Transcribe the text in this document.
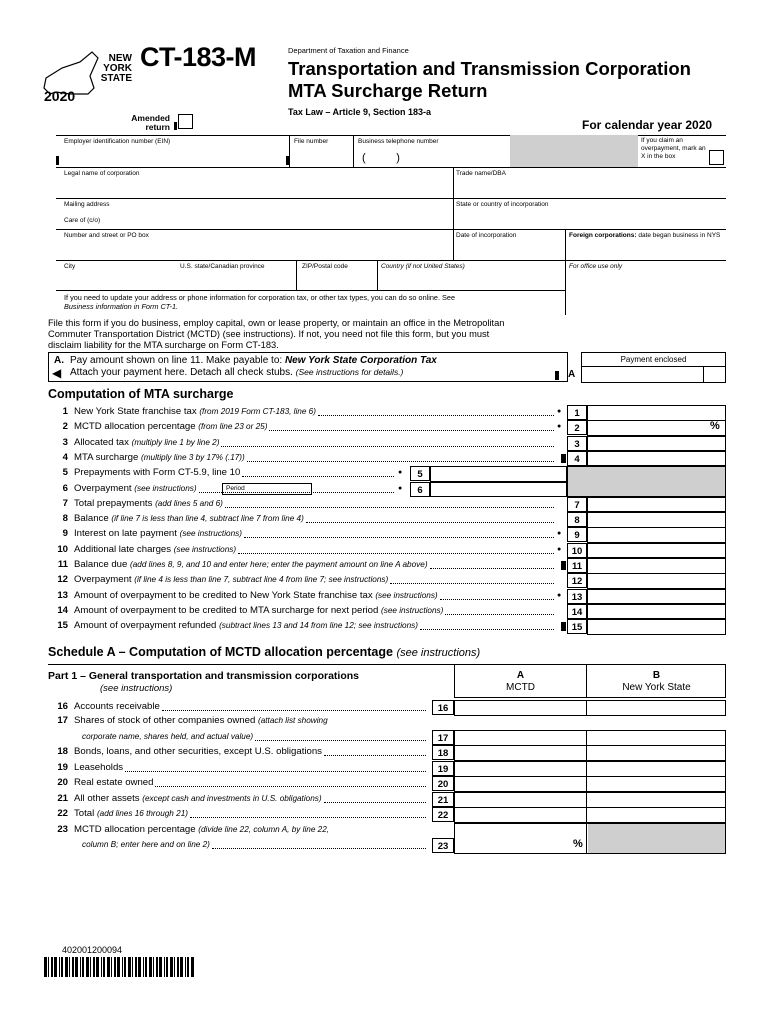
NEW
YORK
STATE
2020
CT-183-M	Department of Taxation and Finance
Transportation and Transmission Corporation
MTA Surcharge Return
Tax Law – Article 9, Section 183-a
Amended return	For calendar year 2020
Employer identification number (EIN)	File number	Business telephone number
(          )
If you claim an overpayment, mark an X in the box
Legal name of corporation	Trade name/DBA
Mailing address	State or country of incorporation
Care of (c/o)
Number and street or PO box	Date of incorporation	Foreign corporations: date began business in NYS
City	U.S. state/Canadian province	ZIP/Postal code	Country (if not United States)	For office use only
If you need to update your address or phone information for corporation tax, or other tax types, you can do so online. See
Business information in Form CT-1.
File this form if you do business, employ capital, own or lease property, or maintain an office in the Metropolitan
Commuter Transportation District (MCTD) (see instructions). If not, you need not file this form, but you must
disclaim liability for the MTA surcharge on Form CT-183.
A.
◀
Pay amount shown on line 11. Make payable to: New York State Corporation Tax
Attach your payment here. Detach all check stubs. (See instructions for details.)	A
Payment enclosed
Computation of MTA surcharge
Schedule A – Computation of MCTD allocation percentage (see instructions)
Part 1 – General transportation and transmission corporations
(see instructions)
A
MCTD
B
New York State
402001200094
1 New York State franchise tax (from 2019 Form CT-183, line 6)	1
●
2 MCTD allocation percentage (from line 23 or 25)	2
●	%
3 Allocated tax (multiply line 1 by line 2)	3
4 MTA surcharge (multiply line 3 by 17% (.17))	4
5 Prepayments with Form CT-5.9, line 10	●	5
6 Overpayment (see instructions)	●	6
Period
7 Total prepayments (add lines 5 and 6)	7
8 Balance (if line 7 is less than line 4, subtract line 7 from line 4)	8
9 Interest on late payment (see instructions)	9
●
10 Additional late charges (see instructions)	10
●
11 Balance due (add lines 8, 9, and 10 and enter here; enter the payment amount on line A above)	11
12 Overpayment (if line 4 is less than line 7, subtract line 4 from line 7; see instructions)	12
13 Amount of overpayment to be credited to New York State franchise tax (see instructions)	13
●
14 Amount of overpayment to be credited to MTA surcharge for next period (see instructions)	14
15 Amount of overpayment refunded (subtract lines 13 and 14 from line 12; see instructions)	15
16 Accounts receivable	16
17 Shares of stock of other companies owned (attach list showing
corporate name, shares held, and actual value)	17
18 Bonds, loans, and other securities, except U.S. obligations	18
19 Leaseholds	19
20 Real estate owned	20
21 All other assets (except cash and investments in U.S. obligations)	21
22 Total (add lines 16 through 21)	22
23 MCTD allocation percentage (divide line 22, column A, by line 22,
column B; enter here and on line 2)	23	%
